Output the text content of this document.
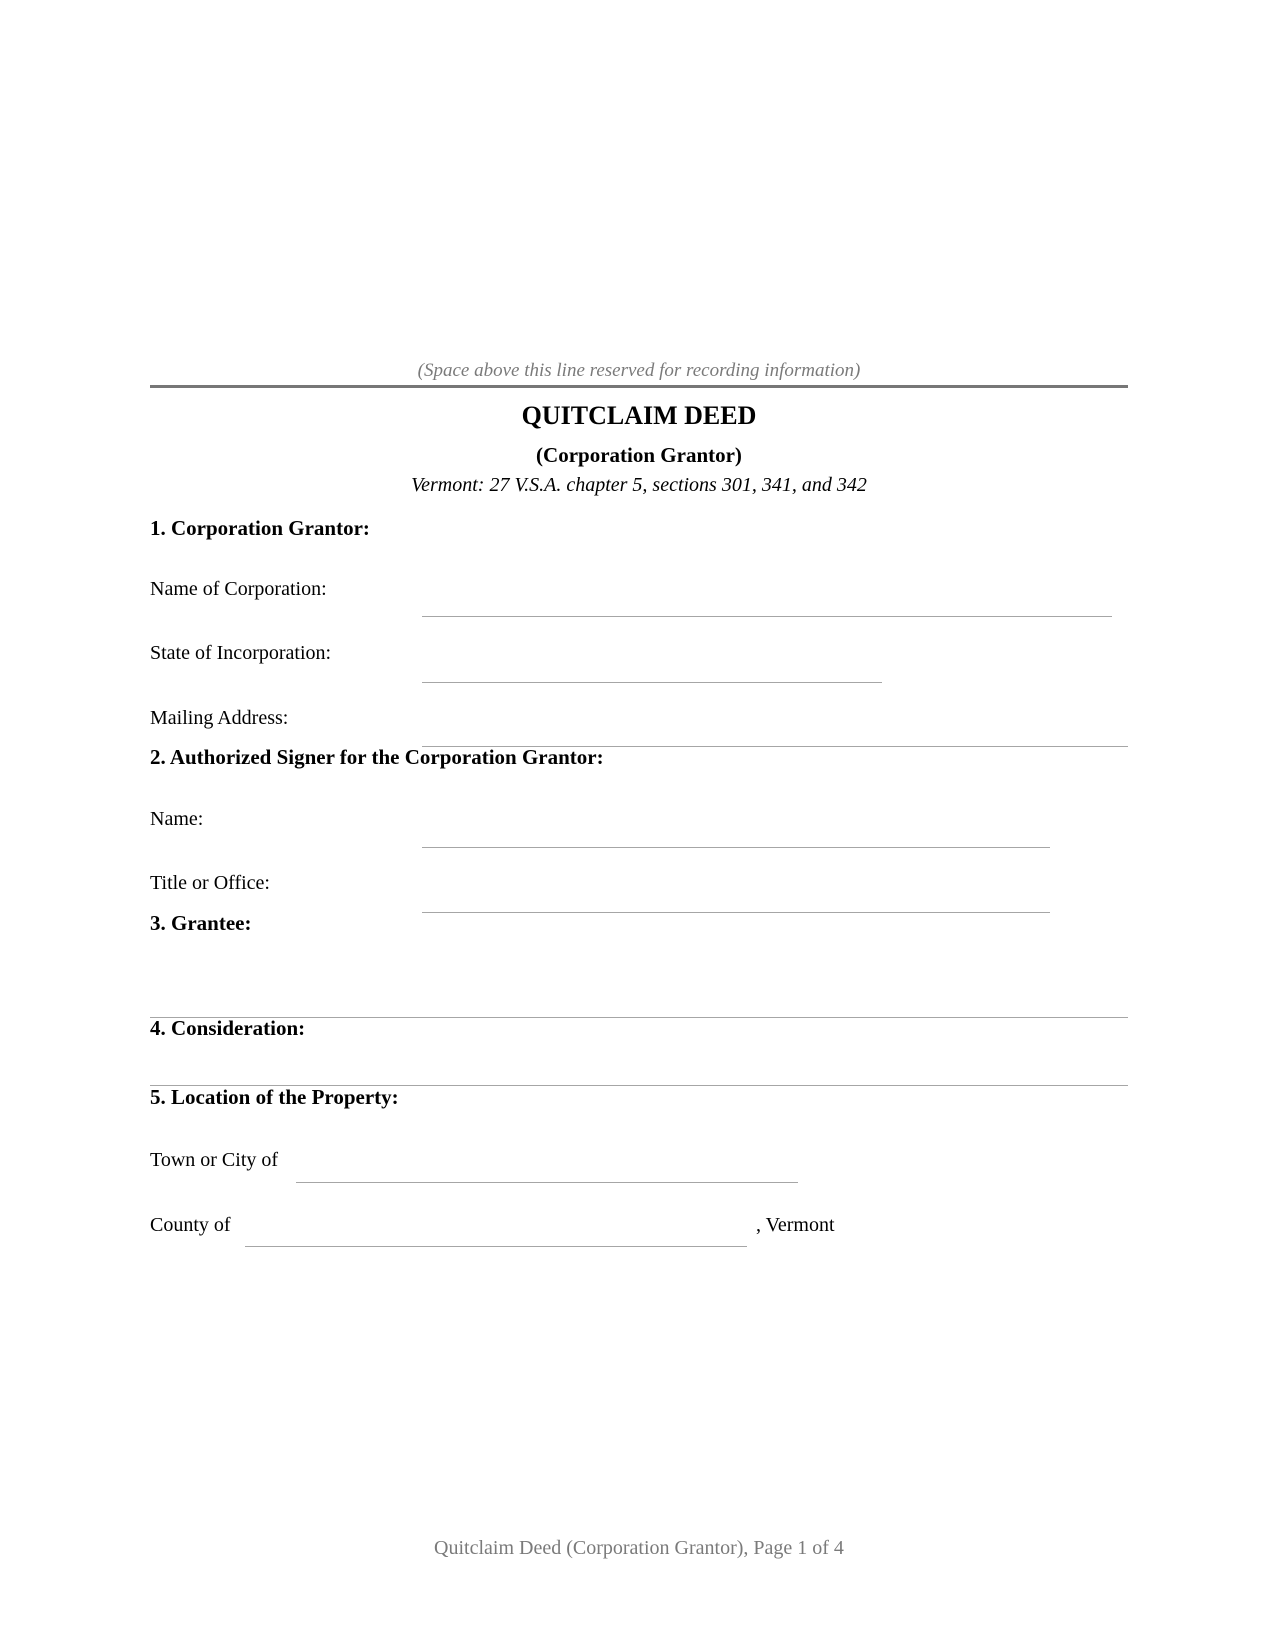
(Space above this line reserved for recording information)
QUITCLAIM DEED
(Corporation Grantor)
Vermont: 27 V.S.A. chapter 5, sections 301, 341, and 342
1. Corporation Grantor:
Name of Corporation:
State of Incorporation:
Mailing Address:
2. Authorized Signer for the Corporation Grantor:
Name:
Title or Office:
3. Grantee:
4. Consideration:
5. Location of the Property:
Town or City of
County of	, Vermont
Quitclaim Deed (Corporation Grantor), Page 1 of 4
